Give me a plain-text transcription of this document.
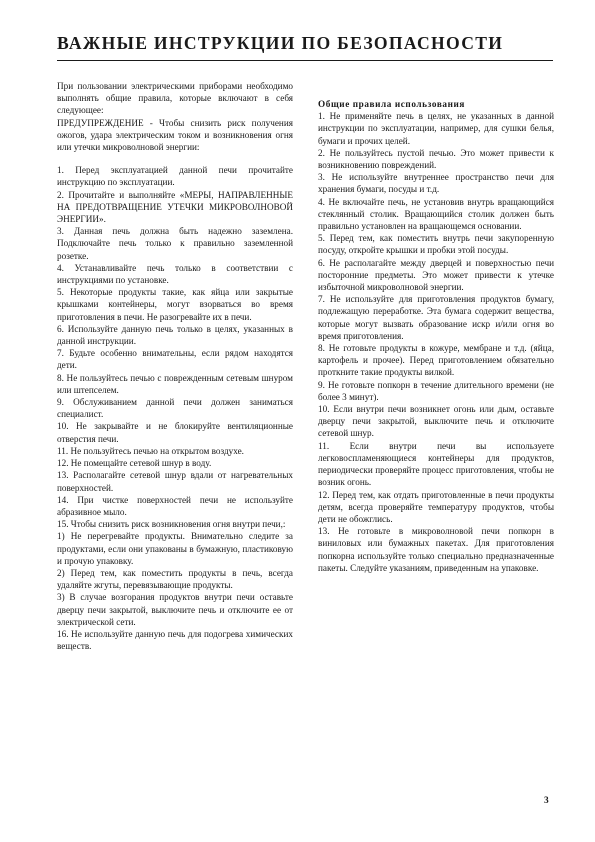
ВАЖНЫЕ ИНСТРУКЦИИ ПО БЕЗОПАСНОСТИ

При пользовании электрическими приборами необходимо выполнять общие правила, которые включают в себя следующее:

ПРЕДУПРЕЖДЕНИЕ - Чтобы снизить риск получения ожогов, удара электрическим током и возникновения огня или утечки микроволновой энергии:

1. Перед эксплуатацией данной печи прочитайте инструкцию по эксплуатации.

2. Прочитайте и выполняйте «МЕРЫ, НАПРАВЛЕННЫЕ НА ПРЕДОТВРАЩЕНИЕ УТЕЧКИ МИКРОВОЛНОВОЙ ЭНЕРГИИ».

3. Данная печь должна быть надежно заземлена. Подключайте печь только к правильно заземленной розетке.

4. Устанавливайте печь только в соответствии с инструкциями по установке.

5. Некоторые продукты такие, как яйца или закрытые крышками контейнеры, могут взорваться во время приготовления в печи. Не разогревайте их в печи.

6. Используйте данную печь только в целях, указанных в данной инструкции.

7. Будьте особенно внимательны, если рядом находятся дети.

8. Не пользуйтесь печью с поврежденным сетевым шнуром или штепселем.

9. Обслуживанием данной печи должен заниматься специалист.

10. Не закрывайте и не блокируйте вентиляционные отверстия печи.

11. Не пользуйтесь печью на открытом воздухе.

12. Не помещайте сетевой шнур в воду.

13. Располагайте сетевой шнур вдали от нагревательных поверхностей.

14. При чистке поверхностей печи не используйте абразивное мыло.

15. Чтобы снизить риск возникновения огня внутри печи,:

1) Не перегревайте продукты. Внимательно следите за продуктами, если они упакованы в бумажную, пластиковую и прочую упаковку.

2) Перед тем, как поместить продукты в печь, всегда удаляйте жгуты, перевязывающие продукты.

3) В случае возгорания продуктов внутри печи оставьте дверцу печи закрытой, выключите печь и отключите ее от электрической сети.

16. Не используйте данную печь для подогрева химических веществ.

Общие правила использования

1. Не применяйте печь в целях, не указанных в данной инструкции по эксплуатации, например, для сушки белья, бумаги и прочих целей.

2. Не пользуйтесь пустой печью. Это может привести к возникновению повреждений.

3. Не используйте внутреннее пространство печи для хранения бумаги, посуды и т.д.

4. Не включайте печь, не установив внутрь вращающийся стеклянный столик. Вращающийся столик должен быть правильно установлен на вращающемся основании.

5. Перед тем, как поместить внутрь печи закупоренную посуду, откройте крышки и пробки этой посуды.

6. Не располагайте между дверцей и поверхностью печи посторонние предметы. Это может привести к утечке избыточной микроволновой энергии.

7. Не используйте для приготовления продуктов бумагу, подлежащую переработке. Эта бумага содержит вещества, которые могут вызвать образование искр и/или огня во время приготовления.

8. Не готовьте продукты в кожуре, мембране и т.д. (яйца, картофель и прочее). Перед приготовлением обязательно проткните такие продукты вилкой.

9. Не готовьте попкорн в течение длительного времени (не более 3 минут).

10. Если внутри печи возникнет огонь или дым, оставьте дверцу печи закрытой, выключите печь и отключите сетевой шнур.

11. Если внутри печи вы используете легковоспламеняющиеся контейнеры для продуктов, периодически проверяйте процесс приготовления, чтобы не возник огонь.

12. Перед тем, как отдать приготовленные в печи продукты детям, всегда проверяйте температуру продуктов, чтобы дети не обожглись.

13. Не готовьте в микроволновой печи попкорн в виниловых или бумажных пакетах. Для приготовления попкорна используйте только специально предназначенные пакеты. Следуйте указаниям, приведенным на упаковке.

3
